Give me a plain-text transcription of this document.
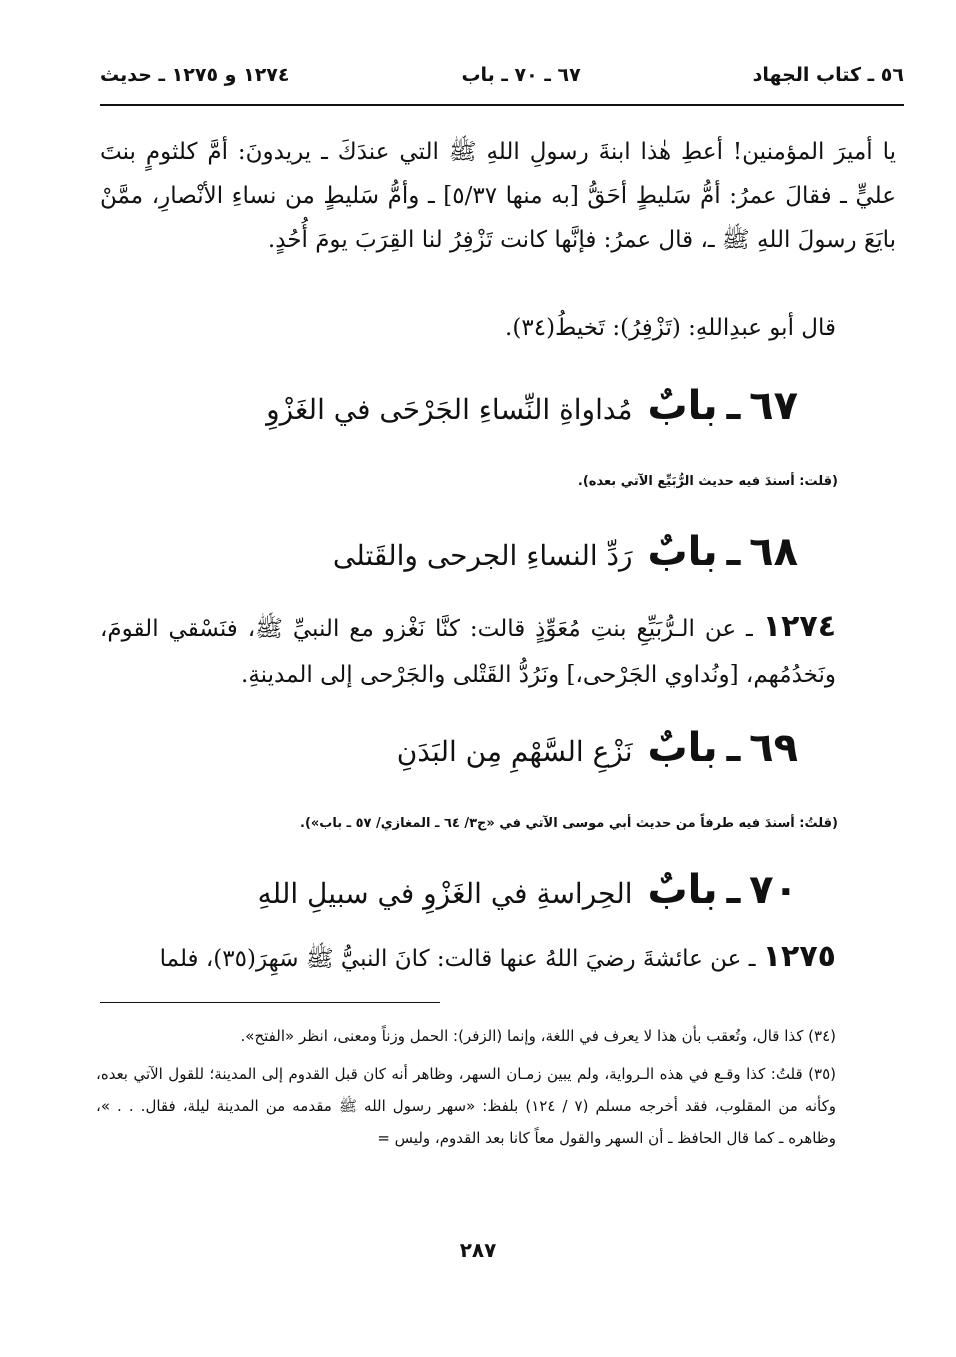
٥٦ ـ كتاب الجهاد
٦٧ ـ ٧٠ ـ باب
١٢٧٤ و ١٢٧٥ ـ حديث
يا أميرَ المؤمنين! أعطِ هٰذا ابنةَ رسولِ اللهِ ﷺ التي عندَكَ ـ يريدونَ: أمَّ كلثومٍ بنتَ عليٍّ ـ فقالَ عمرُ: أمُّ سَليطٍ أحَقُّ [به منها ٥/٣٧] ـ وأمُّ سَليطٍ من نساءِ الأنْصارِ، ممَّنْ بايَعَ رسولَ اللهِ ﷺ ـ، قال عمرُ: فإنَّها كانت تَزْفِرُ لنا القِرَبَ يومَ أُحُدٍ.
قال أبو عبدِاللهِ: (تَزْفِرُ): تَخيطُ(٣٤).
٦٧ ـ بابٌ مُداواةِ النِّساءِ الجَرْحَى في الغَزْوِ
(قلت: أسندَ فيه حديث الرُّبَيِّع الآتي بعده).
٦٨ ـ بابٌ رَدِّ النساءِ الجرحى والقَتلى
١٢٧٤ ـ عن الـرُّبَيِّعِ بنتِ مُعَوِّذٍ قالت: كنَّا نَغْزو مع النبيِّ ﷺ، فنَسْقي القومَ، ونَخدُمُهم، [ونُداوي الجَرْحى،] ونَرُدُّ القَتْلى والجَرْحى إلى المدينةِ.
٦٩ ـ بابٌ نَزْعِ السَّهْمِ مِن البَدَنِ
(قلتُ: أسندَ فيه طرفاً من حديث أبي موسى الآتي في «ج٣/ ٦٤ ـ المغازي/ ٥٧ ـ باب»).
٧٠ ـ بابٌ الحِراسةِ في الغَزْوِ في سبيلِ اللهِ
١٢٧٥ ـ عن عائشةَ رضيَ اللهُ عنها قالت: كانَ النبيُّ ﷺ سَهِرَ(٣٥)، فلما

(٣٤) كذا قال، وتُعقب بأن هذا لا يعرف في اللغة، وإنما (الزفر): الحمل وزناً ومعنى، انظر «الفتح».

(٣٥) قلتُ: كذا وقـع في هذه الـرواية، ولم يبين زمـان السهر، وظاهر أنه كان قبل القدوم إلى المدينة؛ للقول الآتي بعده، وكأنه من المقلوب، فقد أخرجه مسلم (٧ / ١٢٤) بلفظ: «سهر رسول الله ﷺ مقدمه من المدينة ليلة، فقال. . . »، وظاهره ـ كما قال الحافظ ـ أن السهر والقول معاً كانا بعد القدوم، وليس =

٢٨٧
